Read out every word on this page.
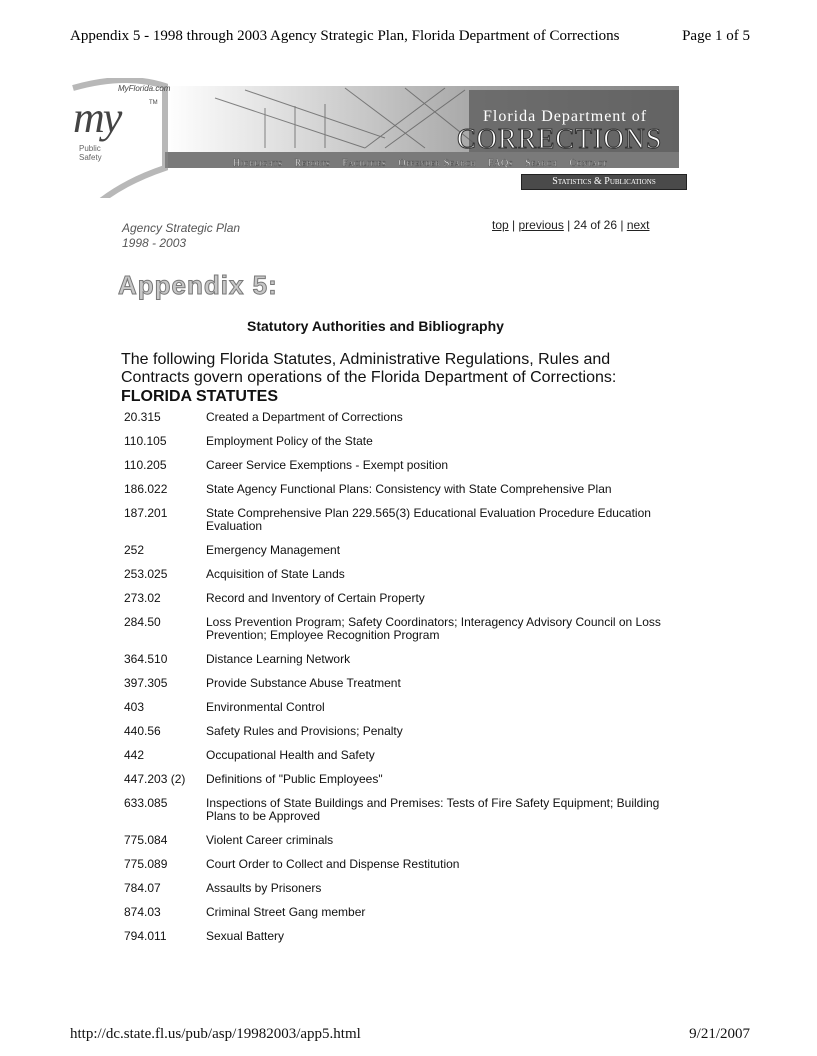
Appendix 5 - 1998 through 2003 Agency Strategic Plan, Florida Department of Corrections	Page 1 of 5
MyFlorida.com
my	TM
Public Safety
Florida Department of
CORRECTIONS
Highlights Reports Facilities Offender Search FAQs Search Contact
Statistics & Publications
Agency Strategic Plan
1998 - 2003
top | previous | 24 of 26 | next
Appendix 5:
Statutory Authorities and Bibliography
The following Florida Statutes, Administrative Regulations, Rules and Contracts govern operations of the Florida Department of Corrections:
FLORIDA STATUTES
20.315	Created a Department of Corrections
110.105	Employment Policy of the State
110.205	Career Service Exemptions - Exempt position
186.022	State Agency Functional Plans: Consistency with State Comprehensive Plan
187.201	State Comprehensive Plan 229.565(3) Educational Evaluation Procedure Education Evaluation
252	Emergency Management
253.025	Acquisition of State Lands
273.02	Record and Inventory of Certain Property
284.50	Loss Prevention Program; Safety Coordinators; Interagency Advisory Council on Loss Prevention; Employee Recognition Program
364.510	Distance Learning Network
397.305	Provide Substance Abuse Treatment
403	Environmental Control
440.56	Safety Rules and Provisions; Penalty
442	Occupational Health and Safety
447.203 (2)	Definitions of "Public Employees"
633.085	Inspections of State Buildings and Premises: Tests of Fire Safety Equipment; Building Plans to be Approved
775.084	Violent Career criminals
775.089	Court Order to Collect and Dispense Restitution
784.07	Assaults by Prisoners
874.03	Criminal Street Gang member
794.011	Sexual Battery
http://dc.state.fl.us/pub/asp/19982003/app5.html	9/21/2007
